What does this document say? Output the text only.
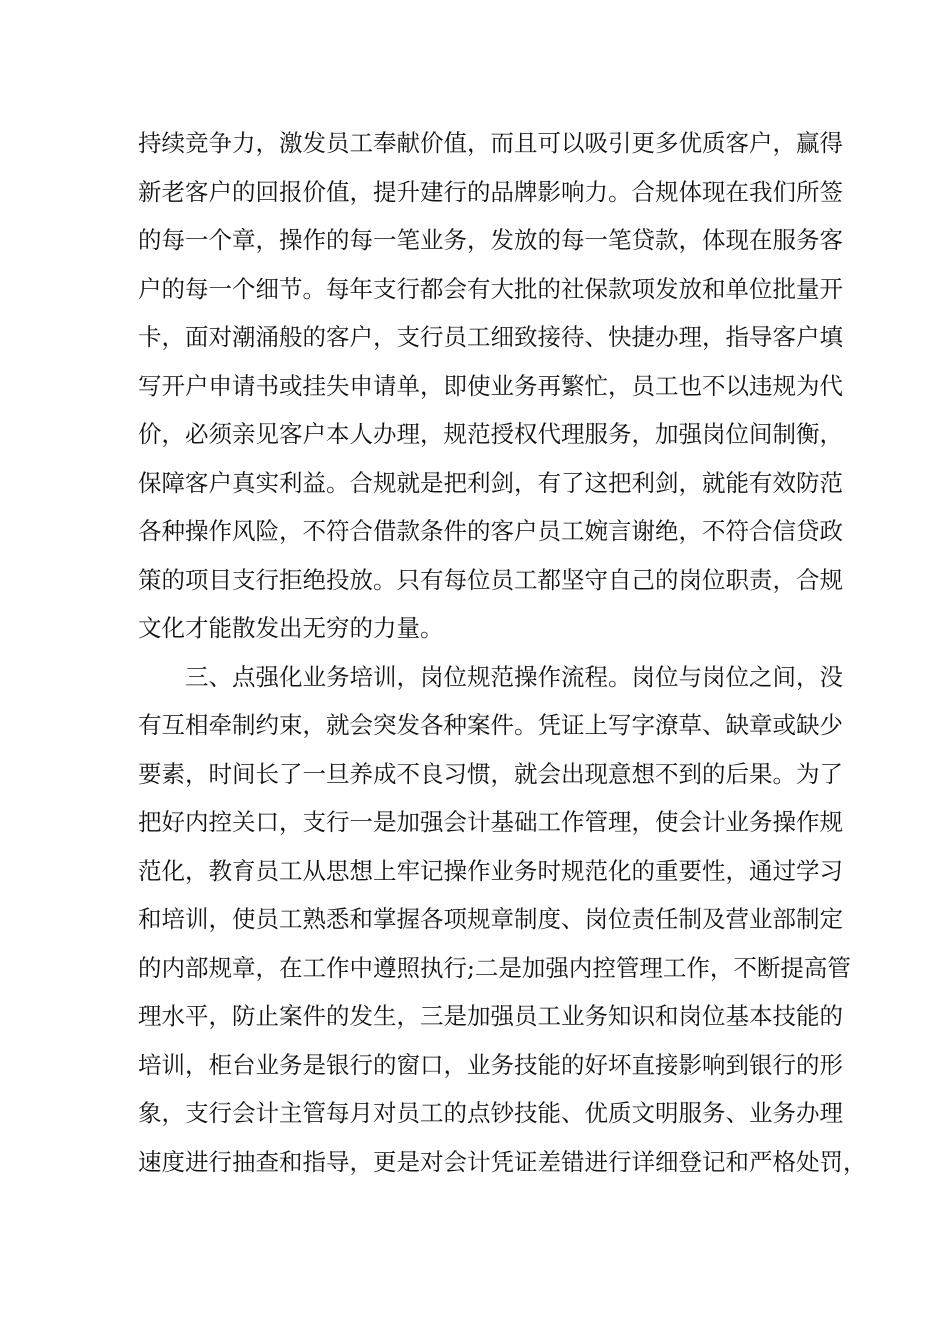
持续竞争力，激发员工奉献价值，而且可以吸引更多优质客户，赢得
新老客户的回报价值，提升建行的品牌影响力。合规体现在我们所签
的每一个章，操作的每一笔业务，发放的每一笔贷款，体现在服务客
户的每一个细节。每年支行都会有大批的社保款项发放和单位批量开
卡，面对潮涌般的客户，支行员工细致接待、快捷办理，指导客户填
写开户申请书或挂失申请单，即使业务再繁忙，员工也不以违规为代
价，必须亲见客户本人办理，规范授权代理服务，加强岗位间制衡，
保障客户真实利益。合规就是把利剑，有了这把利剑，就能有效防范
各种操作风险，不符合借款条件的客户员工婉言谢绝，不符合信贷政
策的项目支行拒绝投放。只有每位员工都坚守自己的岗位职责，合规
文化才能散发出无穷的力量。
三、点强化业务培训，岗位规范操作流程。岗位与岗位之间，没
有互相牵制约束，就会突发各种案件。凭证上写字潦草、缺章或缺少
要素，时间长了一旦养成不良习惯，就会出现意想不到的后果。为了
把好内控关口，支行一是加强会计基础工作管理，使会计业务操作规
范化，教育员工从思想上牢记操作业务时规范化的重要性，通过学习
和培训，使员工熟悉和掌握各项规章制度、岗位责任制及营业部制定
的内部规章，在工作中遵照执行;二是加强内控管理工作，不断提高管
理水平，防止案件的发生，三是加强员工业务知识和岗位基本技能的
培训，柜台业务是银行的窗口，业务技能的好坏直接影响到银行的形
象，支行会计主管每月对员工的点钞技能、优质文明服务、业务办理
速度进行抽查和指导，更是对会计凭证差错进行详细登记和严格处罚，
